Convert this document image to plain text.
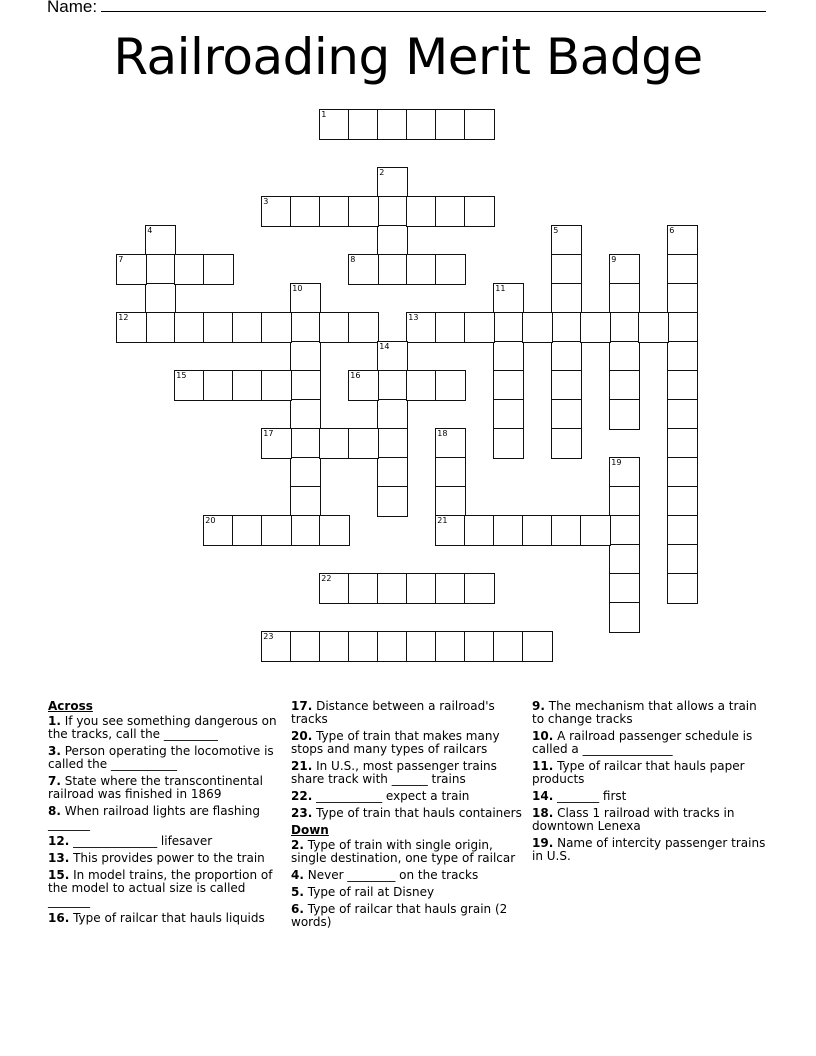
Name:
Railroading Merit Badge
1
2
3
4	5	6
7	8	9
10	11
12	13
14
15	16
17	18
21
19
20
22
23
Across
1. If you see something dangerous on the tracks, call the _________
3. Person operating the locomotive is called the ___________
7. State where the transcontinental railroad was finished in 1869
8. When railroad lights are flashing _______
12. ______________ lifesaver
13. This provides power to the train
15. In model trains, the proportion of the model to actual size is called _______
16. Type of railcar that hauls liquids
17. Distance between a railroad's tracks
20. Type of train that makes many stops and many types of railcars
21. In U.S., most passenger trains share track with ______ trains
22. ___________ expect a train
23. Type of train that hauls containers
Down
2. Type of train with single origin, single destination, one type of railcar
4. Never ________ on the tracks
5. Type of rail at Disney
6. Type of railcar that hauls grain (2 words)
9. The mechanism that allows a train to change tracks
10. A railroad passenger schedule is called a _______________
11. Type of railcar that hauls paper products
14. _______ first
18. Class 1 railroad with tracks in downtown Lenexa
19. Name of intercity passenger trains in U.S.
